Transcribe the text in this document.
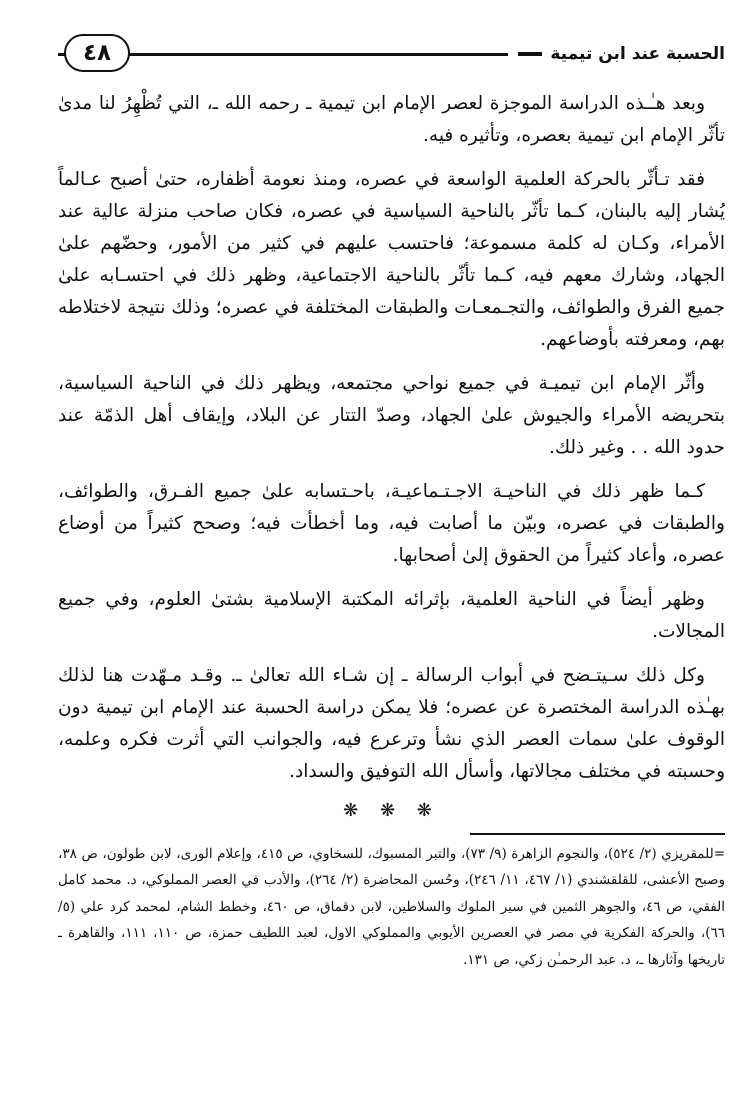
الحسبة عند ابن تيمية
٤٨

وبعد هـٰـذه الدراسة الموجزة لعصر الإمام ابن تيمية ـ رحمه الله ـ، التي تُظْهِرُ لنا مدىٰ تأثّر الإمام ابن تيمية بعصره، وتأثيره فيه.

فقد تـأثّر بالحركة العلمية الواسعة في عصره، ومنذ نعومة أظفاره، حتىٰ أصبح عـالماً يُشار إليه بالبنان، كـما تأثّر بالناحية السياسية في عصره، فكان صاحب منزلة عالية عند الأمراء، وكـان له كلمة مسموعة؛ فاحتسب عليهم في كثير من الأمور، وحضّهم علىٰ الجهاد، وشارك معهم فيه، كـما تأثّر بالناحية الاجتماعية، وظهر ذلك في احتسـابه علىٰ جميع الفرق والطوائف، والتجـمعـات والطبقات المختلفة في عصره؛ وذلك نتيجة لاختلاطه بهم، ومعرفته بأوضاعهم.

وأثّر الإمام ابن تيميـة في جميع نواحي مجتمعه، ويظهر ذلك في الناحية السياسية، بتحريضه الأمراء والجيوش علىٰ الجهاد، وصدّ التتار عن البلاد، وإيقاف أهل الذمّة عند حدود الله . . وغير ذلك.

كـما ظهر ذلك في الناحيـة الاجـتـماعيـة، باحـتسابه علىٰ جميع الفـرق، والطوائف، والطبقات في عصره، وبيّن ما أصابت فيه، وما أخطأت فيه؛ وصحح كثيراً من أوضاع عصره، وأعاد كثيراً من الحقوق إلىٰ أصحابها.

وظهر أيضاً في الناحية العلمية، بإثرائه المكتبة الإسلامية بشتىٰ العلوم، وفي جميع المجالات.

وكل ذلك سـيتـضح في أبواب الرسالة ـ إن شـاء الله تعالىٰ ـ. وقـد مـهّدت هنا لذلك بهـٰذه الدراسة المختصرة عن عصره؛ فلا يمكن دراسة الحسبة عند الإمام ابن تيمية دون الوقوف علىٰ سمات العصر الذي نشأ وترعرع فيه، والجوانب التي أثرت فكره وعلمه، وحسبته في مختلف مجالاتها، وأسأل الله التوفيق والسداد.

❋ ❋ ❋

=للمقريزي (٢/ ٥٢٤)، والنجوم الزاهرة (٩/ ٧٣)، والتبر المسبوك، للسخاوي، ص ٤١٥، وإعلام الورى، لابن طولون، ص ٣٨، وصبح الأعشى، للقلقشندي (١/ ٤٦٧، ١١/ ٢٤٦)، وحُسن المحاضرة (٢/ ٢٦٤)، والأدب في العصر المملوكي، د. محمد كامل الفقي، ص ٤٦، والجوهر الثمين في سير الملوك والسلاطين، لابن دقماق، ص ٤٦٠، وخطط الشام، لمحمد كرد علي (٥/ ٦٦)، والحركة الفكرية في مصر في العصرين الأيوبي والمملوكي الاول، لعبد اللطيف حمزة، ص ١١٠، ١١١، والقاهرة ـ تاريخها وآثارها ـ، د. عبد الرحمـٰن زكي، ص ١٣١.
